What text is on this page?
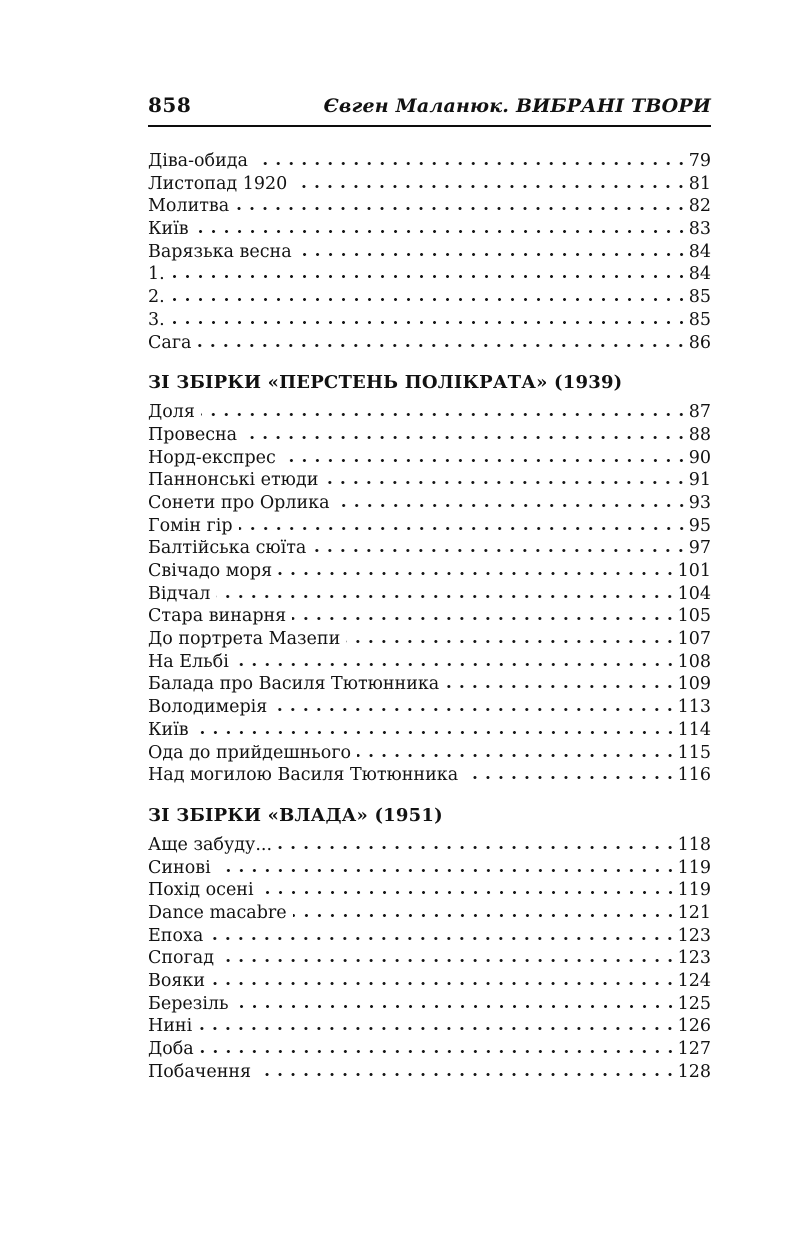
858	Євген Маланюк. ВИБРАНІ ТВОРИ
Діва-обида	79
Листопад 1920	81
Молитва	82
Київ	83
Варязька весна	84
1.	84
2.	85
3.	85
Сага	86
ЗІ ЗБІРКИ «ПЕРСТЕНЬ ПОЛІКРАТА» (1939)
Доля	87
Провесна	88
Норд-експрес	90
Паннонські етюди	91
Сонети про Орлика	93
Гомін гір	95
Балтійська сюїта	97
Свічадо моря	101
Відчал	104
Стара винарня	105
До портрета Мазепи	107
На Ельбі	108
Балада про Василя Тютюнника	109
Володимерія	113
Київ	114
Ода до прийдешнього	115
Над могилою Василя Тютюнника	116
ЗІ ЗБІРКИ «ВЛАДА» (1951)
Аще забуду...	118
Синові	119
Похід осені	119
Dance macabre	121
Епоха	123
Спогад	123
Вояки	124
Березіль	125
Нині	126
Доба	127
Побачення	128
